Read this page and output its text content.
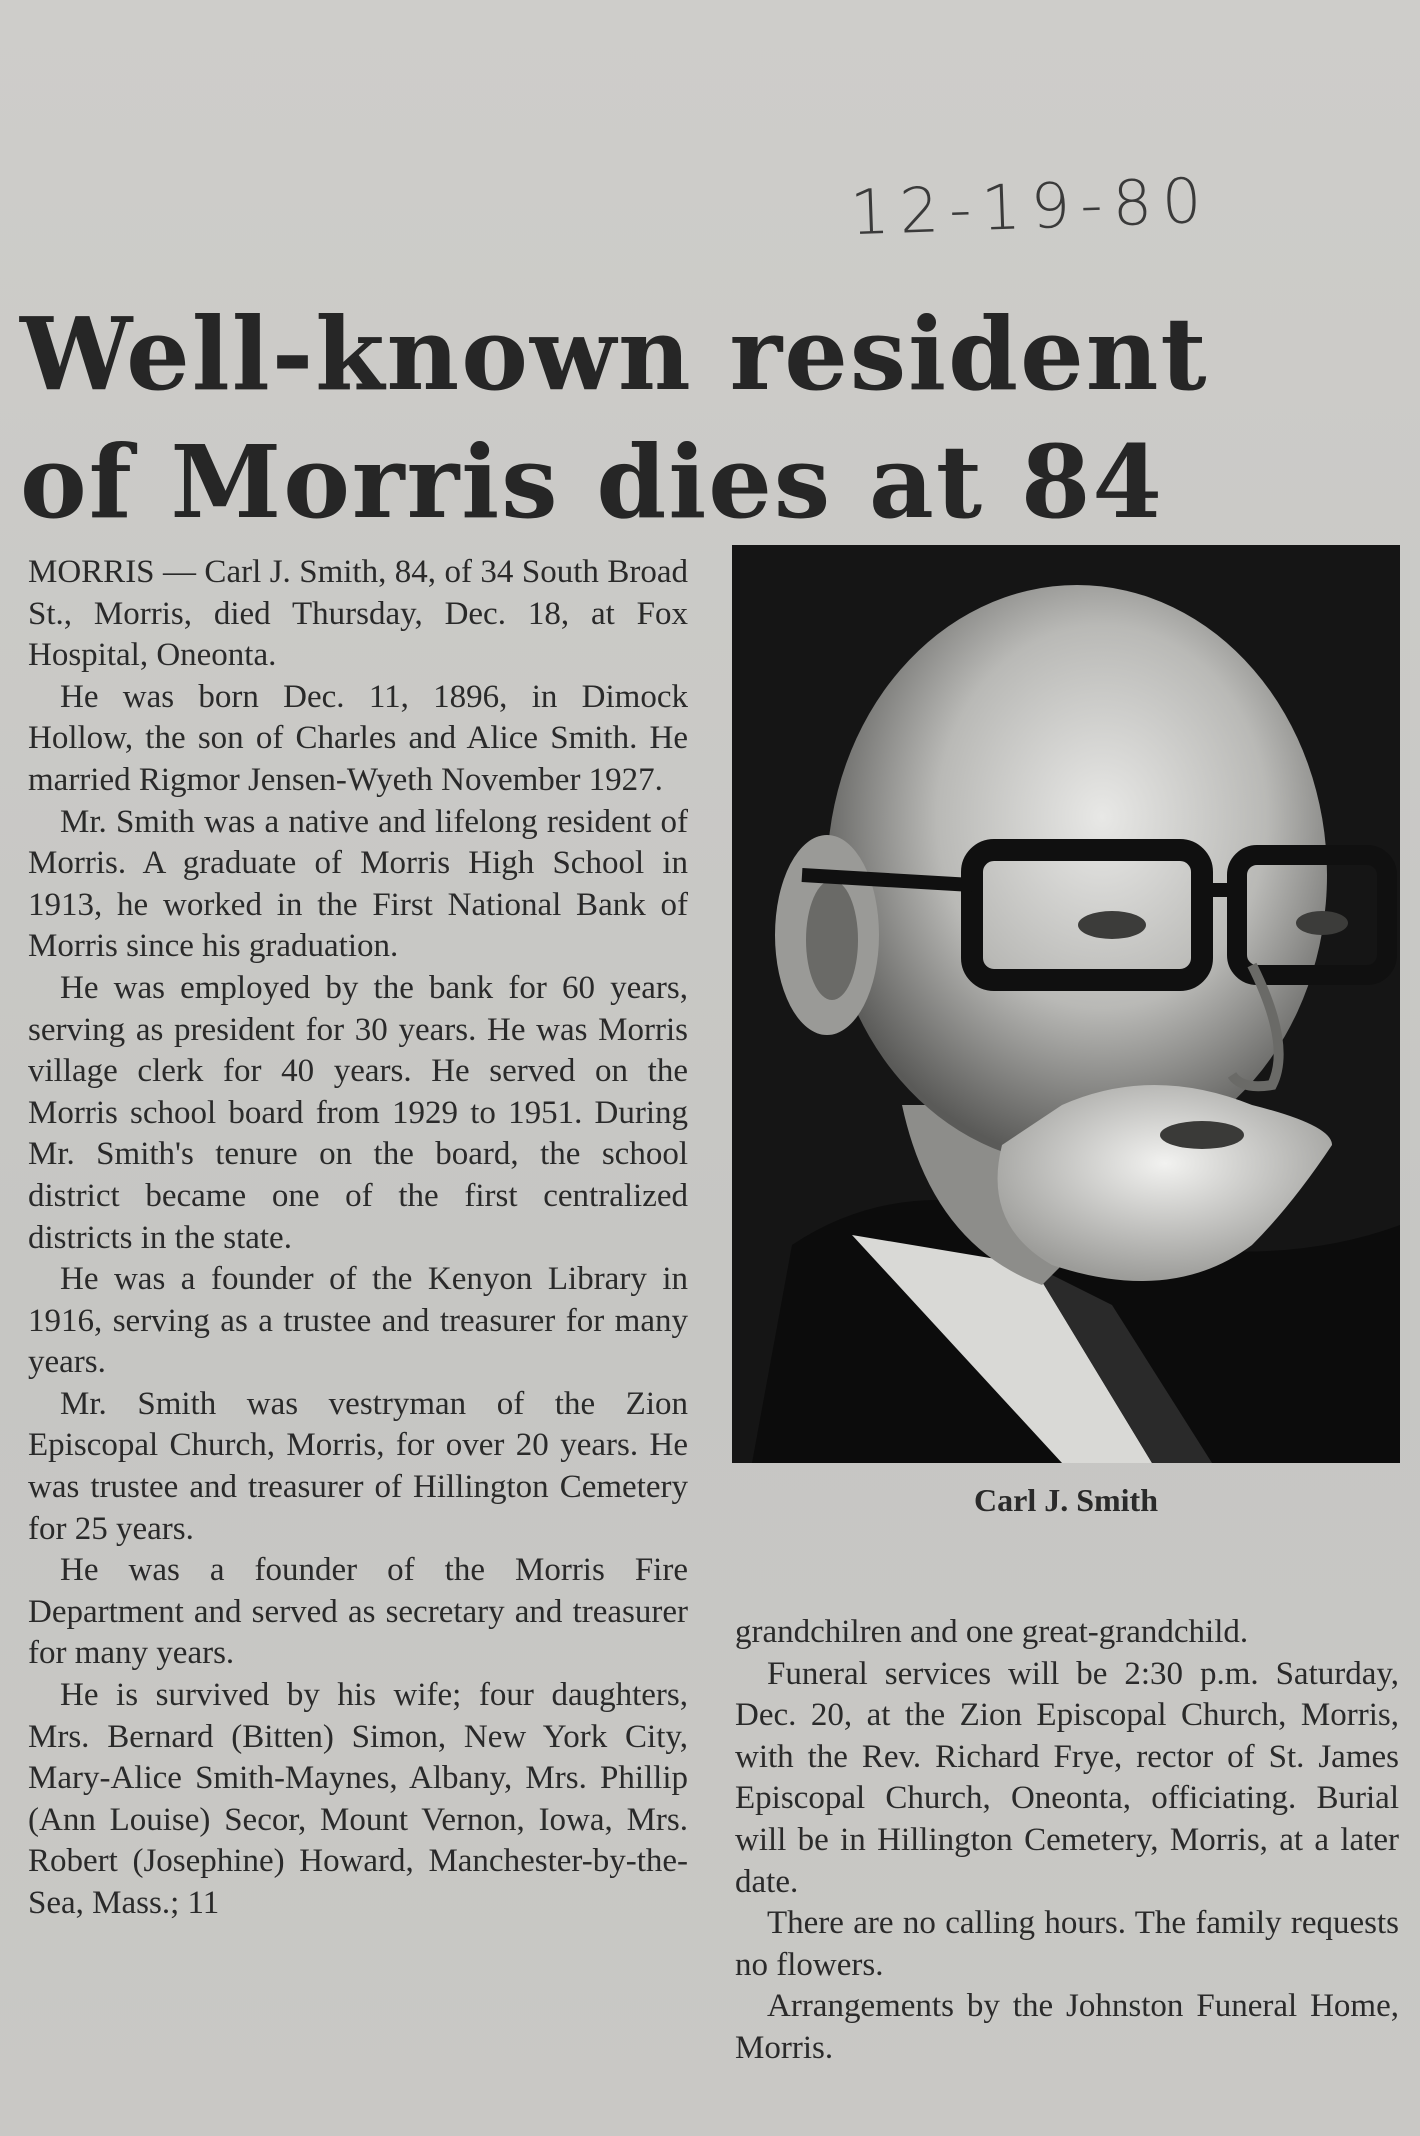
12-19-80
Well-known resident
of Morris dies at 84

MORRIS — Carl J. Smith, 84, of 34 South Broad St., Morris, died Thursday, Dec. 18, at Fox Hospital, Oneonta.

He was born Dec. 11, 1896, in Dimock Hollow, the son of Charles and Alice Smith. He married Rigmor Jensen-Wyeth November 1927.

Mr. Smith was a native and lifelong resident of Morris. A graduate of Morris High School in 1913, he worked in the First National Bank of Morris since his graduation.

He was employed by the bank for 60 years, serving as president for 30 years. He was Morris village clerk for 40 years. He served on the Morris school board from 1929 to 1951. During Mr. Smith's tenure on the board, the school district became one of the first centralized districts in the state.

He was a founder of the Kenyon Library in 1916, serving as a trustee and treasurer for many years.

Mr. Smith was vestryman of the Zion Episcopal Church, Morris, for over 20 years. He was trustee and treasurer of Hillington Cemetery for 25 years.

He was a founder of the Morris Fire Department and served as secretary and treasurer for many years.

He is survived by his wife; four daughters, Mrs. Bernard (Bitten) Simon, New York City, Mary-Alice Smith-Maynes, Albany, Mrs. Phillip (Ann Louise) Secor, Mount Vernon, Iowa, Mrs. Robert (Josephine) Howard, Manchester-by-the-Sea, Mass.; 11

Carl J. Smith

grandchilren and one great-grandchild.

Funeral services will be 2:30 p.m. Saturday, Dec. 20, at the Zion Episcopal Church, Morris, with the Rev. Richard Frye, rector of St. James Episcopal Church, Oneonta, officiating. Burial will be in Hillington Cemetery, Morris, at a later date.

There are no calling hours. The family requests no flowers.

Arrangements by the Johnston Funeral Home, Morris.
